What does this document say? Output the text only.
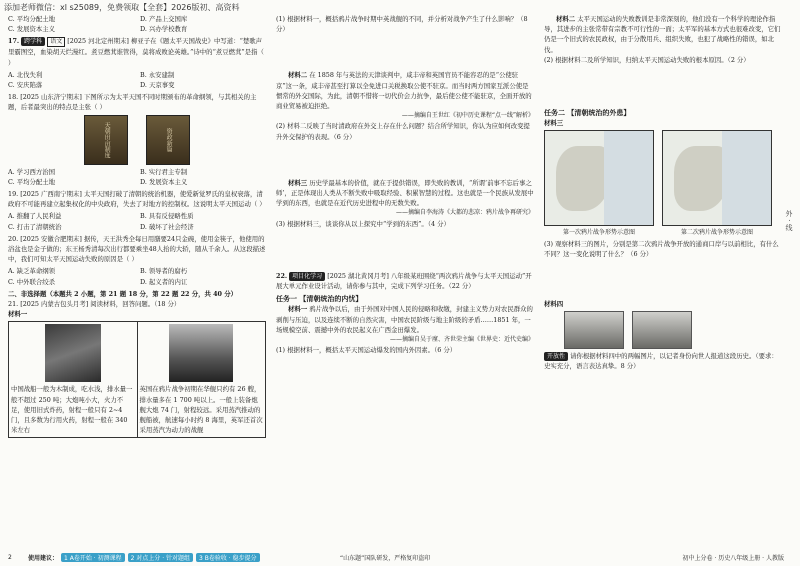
添加老师微信：xl s25089，免费领取【全套】2026版初、高资料
C. 平均分配土地	D. 产品上交国库
C. 发展资本主义	D. 兴办学校教育
17. 跨学科 语文 [2025 河北定州期末] 柳亚子在《题太平天国战史》中写道：“楚歌声里霸图空，血染胡天烂漫红。煮豆燃萁谁管得，莫将成败论英雄。”诗中的“煮豆燃萁”是指（ ）
A. 北伐失利	B. 永安建制
C. 安庆陷落	D. 天京事变
18. [2025 山东济宁期末] 下图所示为太平天国不同时期颁布的革命纲领，与其相关的主题，后者最突出的特点是主张（ ）
天朝田亩制度	资政新篇
A. 学习西方治国	B. 实行君主专制
C. 平均分配土地	D. 发展资本主义
19. [2025 广西南宁期末] 太平天国打破了清朝的统治机器，使爱新觉罗氏的皇权衰落，清政府不可能再建立起集权化的中央政府，失去了对地方的控制权。这说明太平天国运动（ ）
A. 推翻了人民利益	B. 具有反侵略性质
C. 打击了清朝统治	D. 破坏了社会经济
20. [2025 安徽合肥期末] 据传，天王洪秀全每日用膳要24只金碗，使用金筷子，他使用的浴盆也是金子做的；东王杨秀清每次出行都要乘坐48人抬的大轿，随从千余人。从这段描述中，我们可知太平天国运动失败的原因是（ ）
A. 缺乏革命纲领	B. 领导者的腐朽
C. 中外联合绞杀	D. 起义者的内讧
二、非选择题（本题共 2 小题，第 21 题 18 分，第 22 题 22 分，共 40 分）
21. [2025 内蒙古包头月考] 阅读材料，回答问题。（18 分）
材料一
中国战船一般为木制成，吃水浅，排水量一般不超过 250 吨；大炮吨小大，火力不足，使用旧式炸药，射程一般只有 2~4 门，且多数为行用火药，射程一般在 340 米左右
英国在鸦片战争初期在华舰只约有 26 艘，排水量多在 1 700 吨以上。一般上装备炮舰大炮 74 门，射程较远。采用蒸汽推动的舰船被，航速每小时约 8 海里，英军还首次采用蒸汽为动力的战舰
(1) 根据材料一，概括鸦片战争时期中英战舰的不同，并分析对战争产生了什么影响？（8 分）
材料二 在 1858 年与英法的天津谈判中，咸丰帝和英国官员不能容忍的是“公使驻京”这一条，咸丰帝甚至打算以全免进口关税换取公使不驻京。而当时两方国家互派公使是惯常的外交国际，为此，清朝不惜将一切代价会力抗争，最后使公使不能驻京，全面开放的商业贸易被迫拒绝。
——摘编自王世红《初中历史课程“点一线”解析》
(2) 材料二反映了当时清政府在外交上存在什么问题？结合所学知识，你认为应如何改变提升外交保护的表现。（6 分）
材料三 历史学最基本的价值，就在于提供错误，即失败的教训，“所谓‘前事不忘后事之师’，正是体现出人类从不断失败中吸取经验、积累智慧的过程。这也就是一个民族从发展中学到的东西，也就是在近代历史进程中的无数失败。
——摘编自李海涛《大都的悲凉：鸦片战争再研究》
(3) 根据材料三，谈谈你从以上探究中“学到的东西”。（4 分）
22. 项目化学习 [2025 湖北黄冈月考] 八年级某班围绕“两次鸦片战争与太平天国运动”开展大单元作业设计活动，请你参与其中，完成下列学习任务。（22 分）
任务一 【清朝统治的内忧】
材料一 鸦片战争以后，由于外国对中国人民的侵略和收缴，封建主义势力对农民群众的剥削与压迫，以及连续不断的自然灾害，中国农民阶级与地主阶级的矛盾……1851 年，一场规模空前、震撼中外的农民起义在广西金田爆发。
——摘编自吴于廑、齐世荣主编《世界史：近代史编》
(1) 根据材料一，概括太平天国运动爆发的国内外因素。（6 分）
材料二 太平天国运动的失败教训是非常深刻的，他们没有一个科学的理论作指导，其进步的主张常带有宗教不可行性的一面；太平军的基本方式也很难改变，它们仍是一个旧式的农民政权，由于分散用兵、组织失败，也犯了战略性的错误，如北伐。
(2) 根据材料二及所学知识，归纳太平天国运动失败的根本原因。（2 分）
任务二 【清朝统治的外患】
材料三
第一次鸦片战争形势示意图	第二次鸦片战争形势示意图
(3) 观察材料三的图片，分别是第二次鸦片战争开放的通商口岸与以前相比，有什么不同？这一变化说明了什么？（6 分）
材料四
开放性 请你根据材料四中的两幅图片，以记者身份向世人报道这段历史。（要求：史实充分，语言表达真挚。8 分）
外 · 线
2	使用建议：	1 A卷开始 · 初测课程	2 对点上分 · 针对题组	3 B卷验收 · 稳步提分	“山东题”国队研发，严格复印盗印	初中上分卷 · 历史八年级上册 · 人教版
